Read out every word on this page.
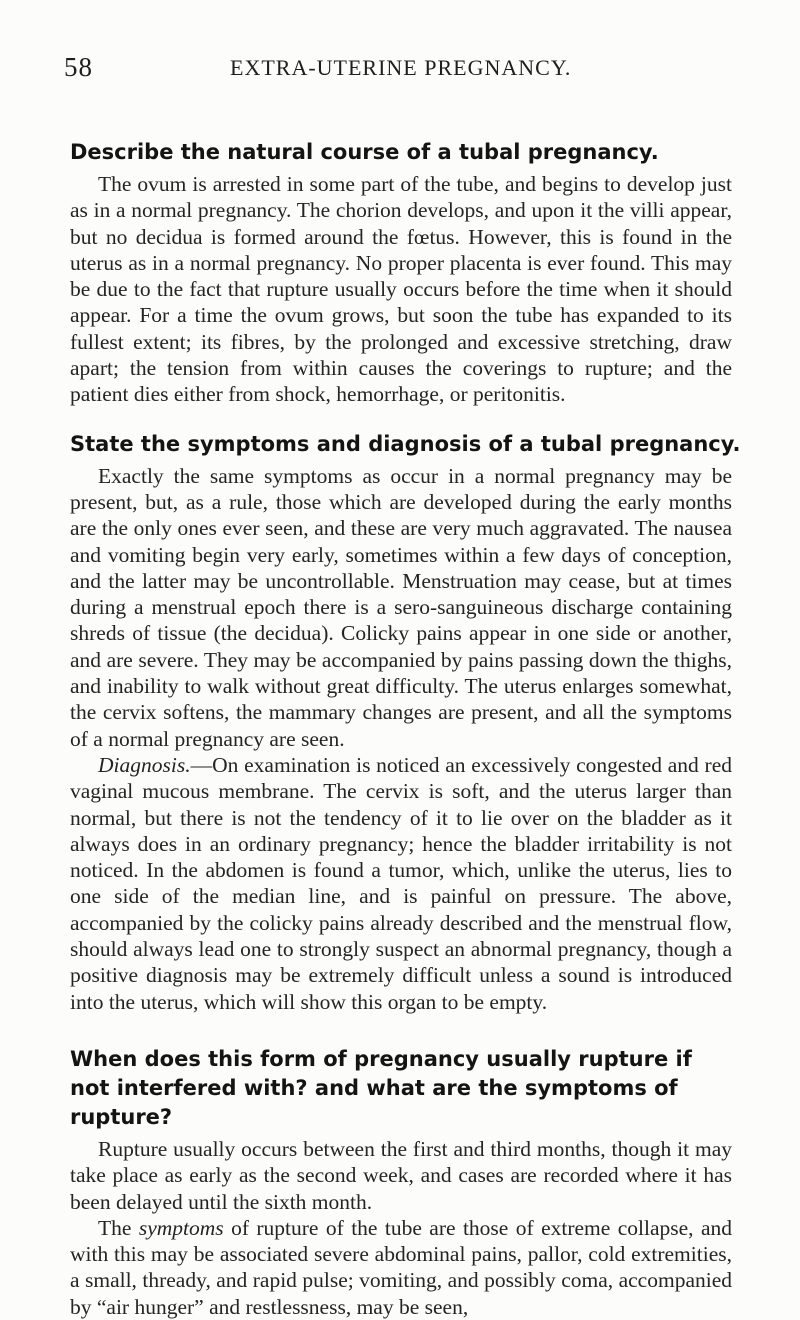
58	EXTRA-UTERINE PREGNANCY.
Describe the natural course of a tubal pregnancy.

The ovum is arrested in some part of the tube, and begins to develop just as in a normal pregnancy. The chorion develops, and upon it the villi appear, but no decidua is formed around the fœtus. However, this is found in the uterus as in a normal pregnancy. No proper placenta is ever found. This may be due to the fact that rupture usually occurs before the time when it should appear. For a time the ovum grows, but soon the tube has expanded to its fullest extent; its fibres, by the prolonged and excessive stretching, draw apart; the tension from within causes the coverings to rupture; and the patient dies either from shock, hemorrhage, or peritonitis.

State the symptoms and diagnosis of a tubal pregnancy.

Exactly the same symptoms as occur in a normal pregnancy may be present, but, as a rule, those which are developed during the early months are the only ones ever seen, and these are very much aggravated. The nausea and vomiting begin very early, sometimes within a few days of conception, and the latter may be uncontrollable. Menstruation may cease, but at times during a menstrual epoch there is a sero-sanguineous discharge containing shreds of tissue (the decidua). Colicky pains appear in one side or another, and are severe. They may be accompanied by pains passing down the thighs, and inability to walk without great difficulty. The uterus enlarges somewhat, the cervix softens, the mammary changes are present, and all the symptoms of a normal pregnancy are seen.

Diagnosis.—On examination is noticed an excessively congested and red vaginal mucous membrane. The cervix is soft, and the uterus larger than normal, but there is not the tendency of it to lie over on the bladder as it always does in an ordinary pregnancy; hence the bladder irritability is not noticed. In the abdomen is found a tumor, which, unlike the uterus, lies to one side of the median line, and is painful on pressure. The above, accompanied by the colicky pains already described and the menstrual flow, should always lead one to strongly suspect an abnormal pregnancy, though a positive diagnosis may be extremely difficult unless a sound is introduced into the uterus, which will show this organ to be empty.

When does this form of pregnancy usually rupture if not interfered with? and what are the symptoms of rupture?

Rupture usually occurs between the first and third months, though it may take place as early as the second week, and cases are recorded where it has been delayed until the sixth month.

The symptoms of rupture of the tube are those of extreme collapse, and with this may be associated severe abdominal pains, pallor, cold extremities, a small, thready, and rapid pulse; vomiting, and possibly coma, accompanied by “air hunger” and restlessness, may be seen,
